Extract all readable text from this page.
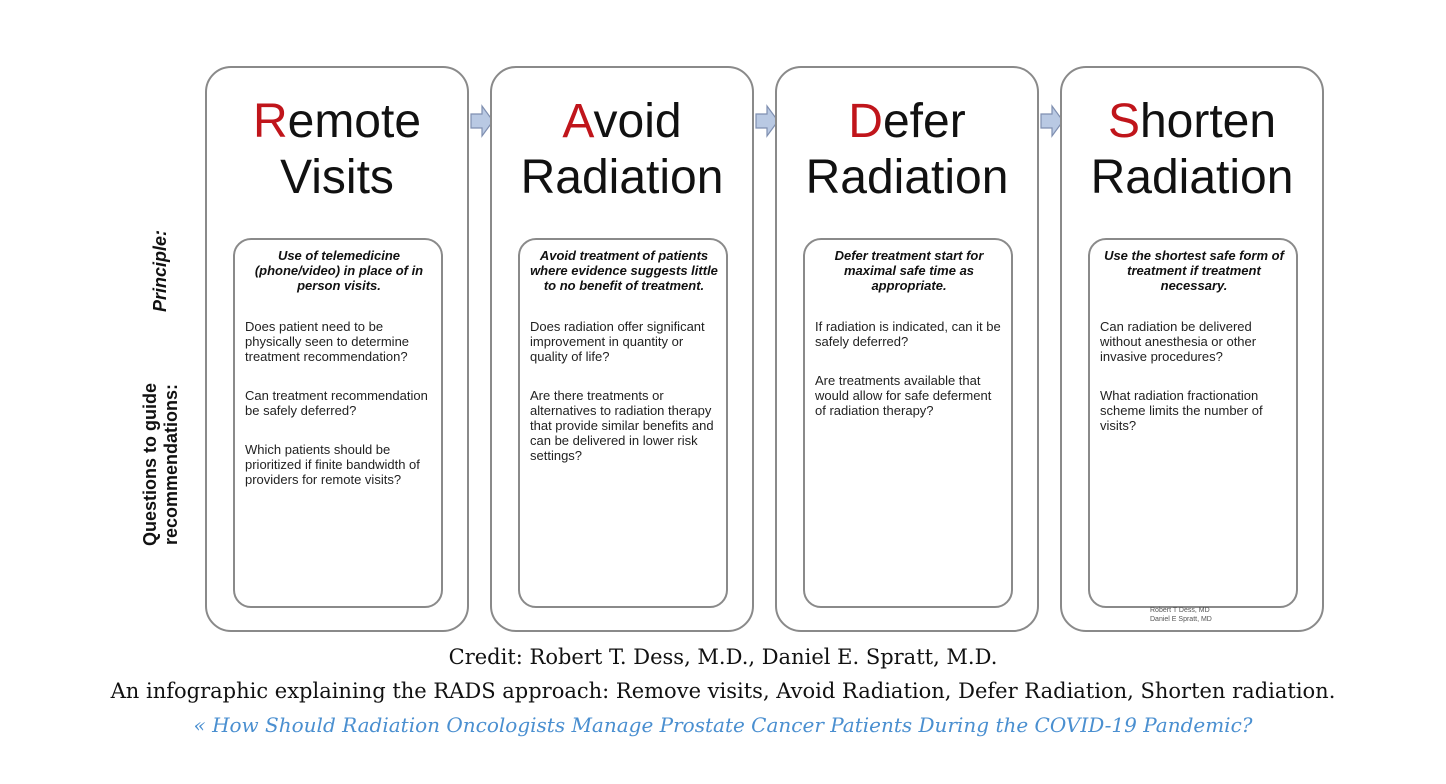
Principle:
Questions to guide recommendations:
Remote
Visits

Use of telemedicine (phone/video) in place of in person visits.

Does patient need to be physically seen to determine treatment recommendation?

Can treatment recommendation be safely deferred?

Which patients should be prioritized if finite bandwidth of providers for remote visits?

Avoid
Radiation

Avoid treatment of patients where evidence suggests little to no benefit of treatment.

Does radiation offer significant improvement in quantity or quality of life?

Are there treatments or alternatives to radiation therapy that provide similar benefits and can be delivered in lower risk settings?

Defer
Radiation

Defer treatment start for maximal safe time as appropriate.

If radiation is indicated, can it be safely deferred?

Are treatments available that would allow for safe deferment of radiation therapy?

Shorten
Radiation

Use the shortest safe form of treatment if treatment necessary.

Can radiation be delivered without anesthesia or other invasive procedures?

What radiation fractionation scheme limits the number of visits?

Robert T Dess, MD
Daniel E Spratt, MD
Credit: Robert T. Dess, M.D., Daniel E. Spratt, M.D.
An infographic explaining the RADS approach: Remove visits, Avoid Radiation, Defer Radiation, Shorten radiation.
« How Should Radiation Oncologists Manage Prostate Cancer Patients During the COVID-19 Pandemic?
